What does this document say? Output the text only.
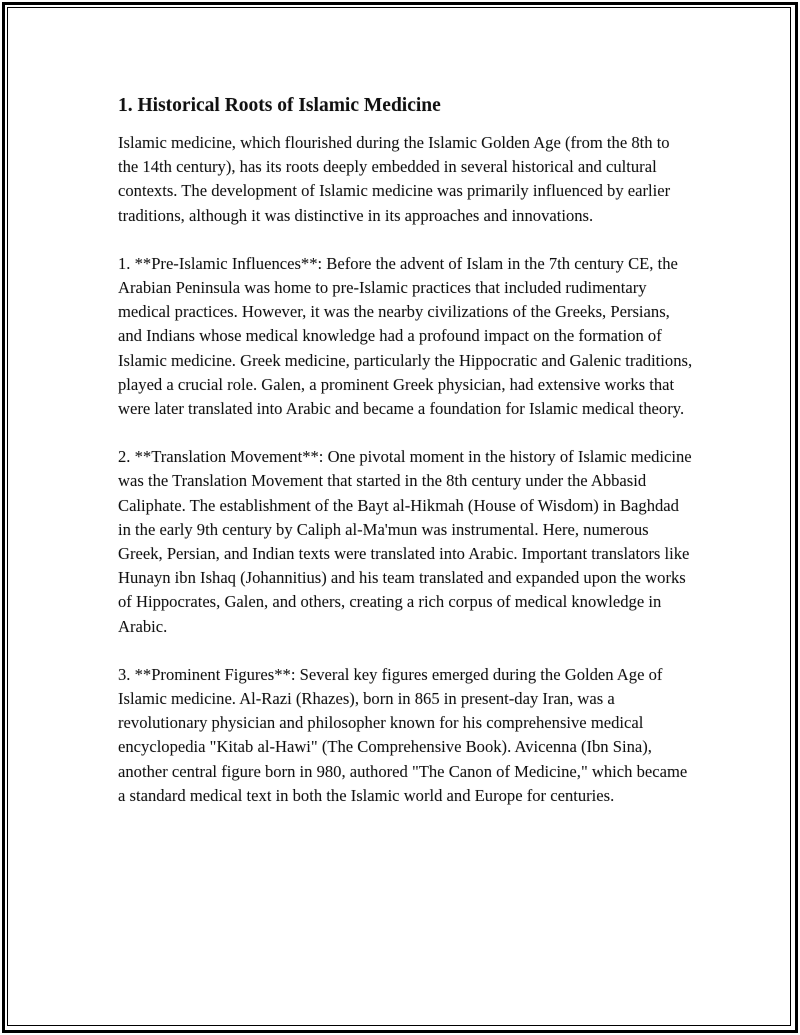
1. Historical Roots of Islamic Medicine

Islamic medicine, which flourished during the Islamic Golden Age (from the 8th to the 14th century), has its roots deeply embedded in several historical and cultural contexts. The development of Islamic medicine was primarily influenced by earlier traditions, although it was distinctive in its approaches and innovations.

1. **Pre-Islamic Influences**: Before the advent of Islam in the 7th century CE, the Arabian Peninsula was home to pre-Islamic practices that included rudimentary medical practices. However, it was the nearby civilizations of the Greeks, Persians, and Indians whose medical knowledge had a profound impact on the formation of Islamic medicine. Greek medicine, particularly the Hippocratic and Galenic traditions, played a crucial role. Galen, a prominent Greek physician, had extensive works that were later translated into Arabic and became a foundation for Islamic medical theory.

2. **Translation Movement**: One pivotal moment in the history of Islamic medicine was the Translation Movement that started in the 8th century under the Abbasid Caliphate. The establishment of the Bayt al-Hikmah (House of Wisdom) in Baghdad in the early 9th century by Caliph al-Ma'mun was instrumental. Here, numerous Greek, Persian, and Indian texts were translated into Arabic. Important translators like Hunayn ibn Ishaq (Johannitius) and his team translated and expanded upon the works of Hippocrates, Galen, and others, creating a rich corpus of medical knowledge in Arabic.

3. **Prominent Figures**: Several key figures emerged during the Golden Age of Islamic medicine. Al-Razi (Rhazes), born in 865 in present-day Iran, was a revolutionary physician and philosopher known for his comprehensive medical encyclopedia "Kitab al-Hawi" (The Comprehensive Book). Avicenna (Ibn Sina), another central figure born in 980, authored "The Canon of Medicine," which became a standard medical text in both the Islamic world and Europe for centuries.
